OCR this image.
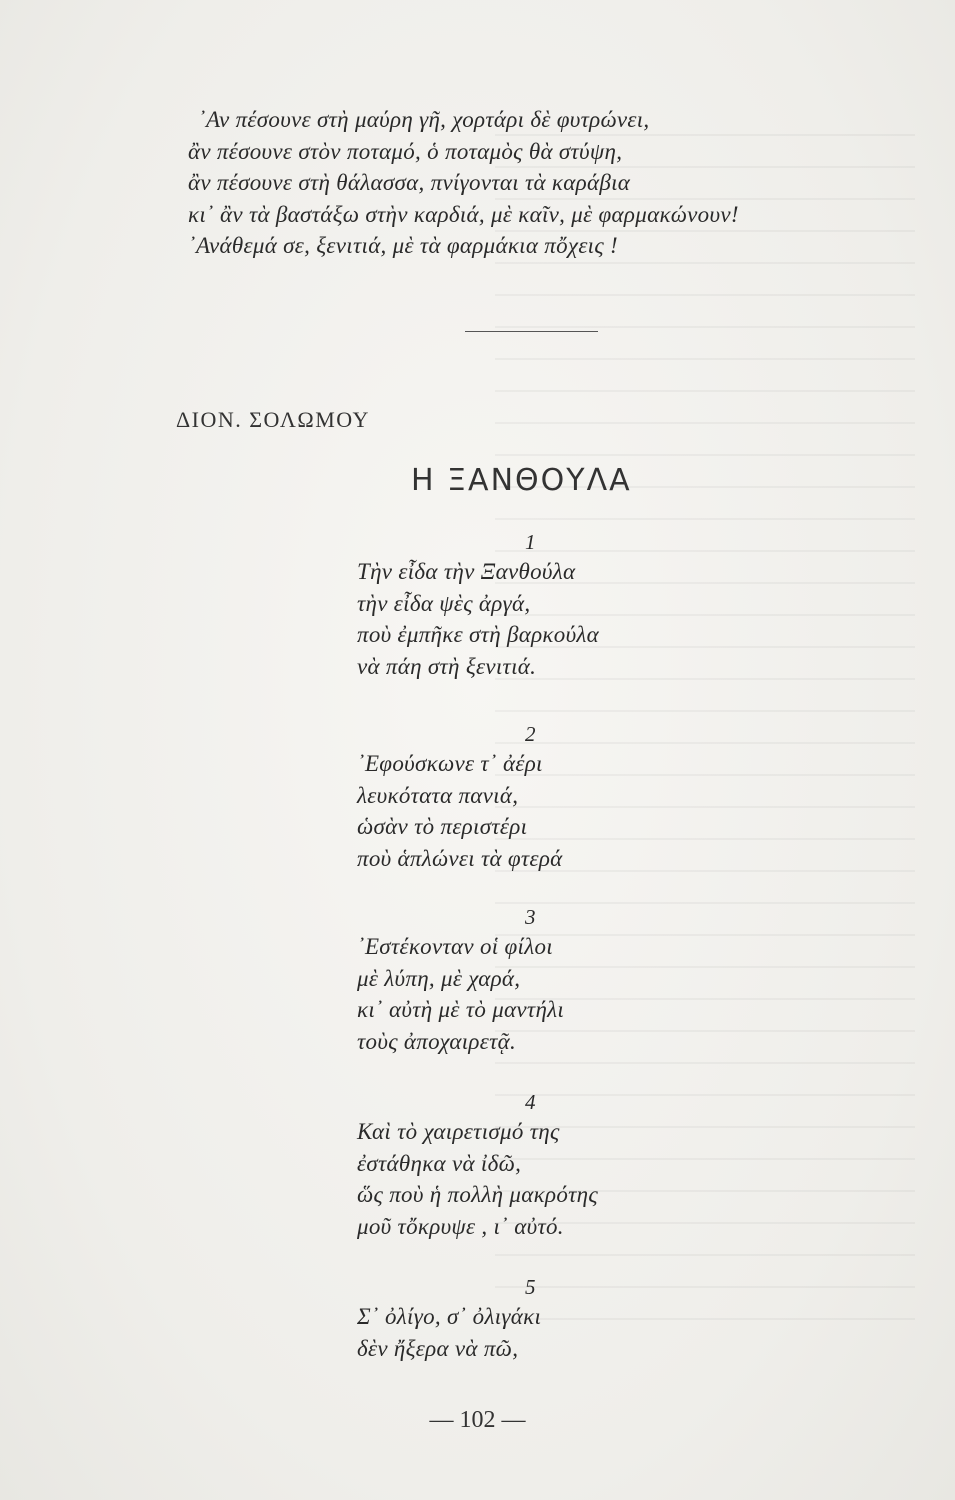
᾿Αν πέσουνε στὴ μαύρη γῆ, χορτάρι δὲ φυτρώνει,
ἂν πέσουνε στὸν ποταμό, ὁ ποταμὸς θὰ στύψη,
ἂν πέσουνε στὴ θάλασσα, πνίγονται τὰ καράβια
κι᾿ ἂν τὰ βαστάξω στὴν καρδιά, μὲ καῖν, μὲ φαρμακώνουν!
᾿Ανάθεμά σε, ξενιτιά, μὲ τὰ φαρμάκια πὄχεις !
ΔΙΟΝ. ΣΟΛΩΜΟΥ
Η ΞΑΝΘΟΥΛΑ
1
Τὴν εἶδα τὴν Ξανθούλα
τὴν εἶδα ψὲς ἀργά,
ποὺ ἐμπῆκε στὴ βαρκούλα
νὰ πάη στὴ ξενιτιά.
2
᾿Εφούσκωνε τ᾿ ἀέρι
λευκότατα πανιά,
ὡσὰν τὸ περιστέρι
ποὺ ἁπλώνει τὰ φτερά
3
᾿Εστέκονταν οἱ φίλοι
μὲ λύπη, μὲ χαρά,
κι᾿ αὐτὴ μὲ τὸ μαντήλι
τοὺς ἀποχαιρετᾷ.
4
Καὶ τὸ χαιρετισμό της
ἐστάθηκα νὰ ἰδῶ,
ὥς ποὺ ἡ πολλὴ μακρότης
μοῦ τὄκρυψε , ι᾿ αὐτό.
5
Σ᾿ ὀλίγο, σ᾿ ὀλιγάκι
δὲν ἤξερα νὰ πῶ,
— 102 —
